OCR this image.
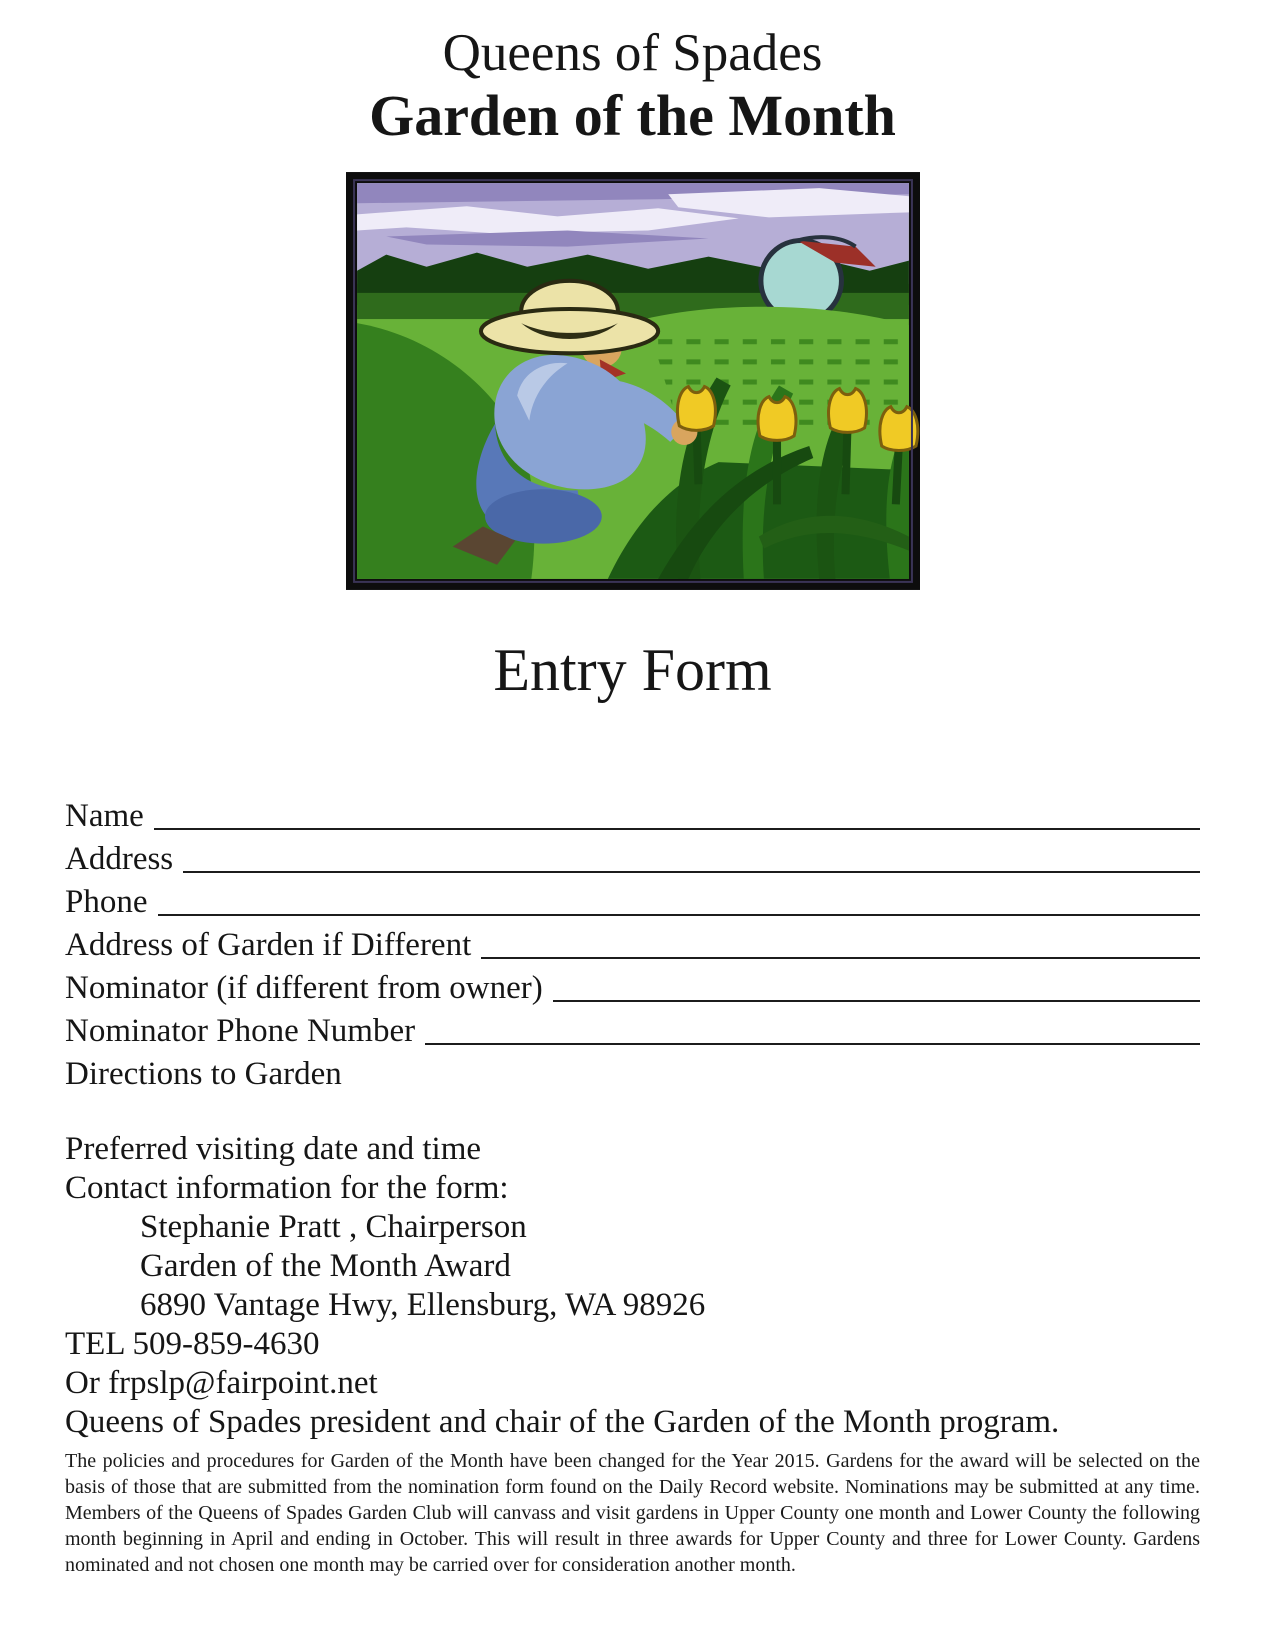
Queens of Spades
Garden of the Month
Entry Form
Name
Address
Phone
Address of Garden if Different
Nominator (if different from owner)
Nominator Phone Number
Directions to Garden
Preferred visiting date and time
Contact information for the form:
Stephanie Pratt , Chairperson
Garden of the Month Award
6890 Vantage Hwy, Ellensburg, WA 98926
TEL 509-859-4630
Or frpslp@fairpoint.net
Queens of Spades president and chair of the Garden of the Month program.
The policies and procedures for Garden of the Month have been changed for the Year 2015. Gardens for the award will be selected on the basis of those that are submitted from the nomination form found on the Daily Record website. Nominations may be submitted at any time. Members of the Queens of Spades Garden Club will canvass and visit gardens in Upper County one month and Lower County the following month beginning in April and ending in October. This will result in three awards for Upper County and three for Lower County. Gardens nominated and not chosen one month may be carried over for consideration another month.
